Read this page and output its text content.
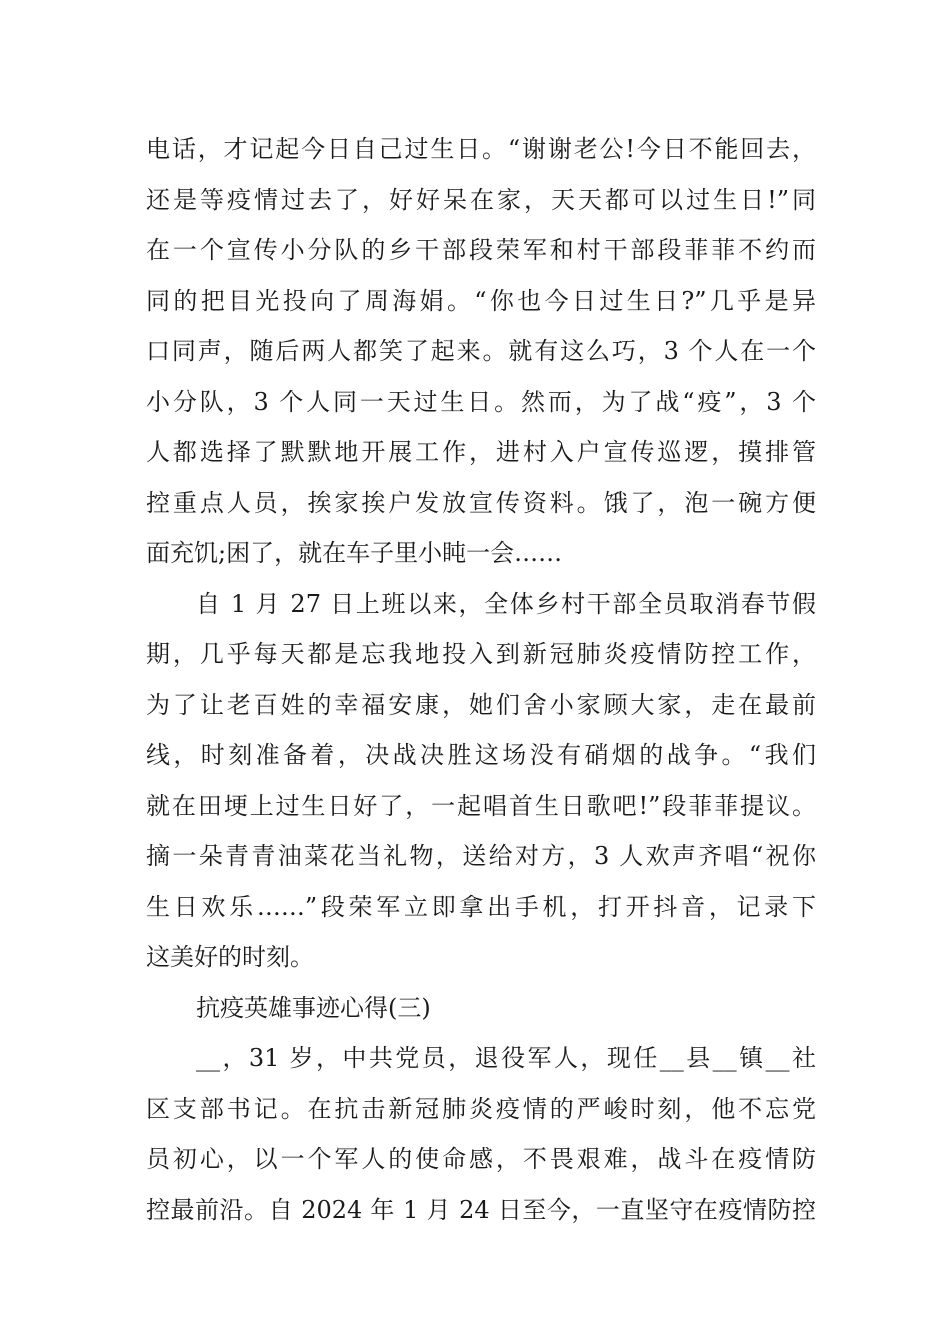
电话，才记起今日自己过生日。“谢谢老公!今日不能回去，
还是等疫情过去了，好好呆在家，天天都可以过生日!”同
在一个宣传小分队的乡干部段荣军和村干部段菲菲不约而
同的把目光投向了周海娟。“你也今日过生日?”几乎是异
口同声，随后两人都笑了起来。就有这么巧，3 个人在一个
小分队，3 个人同一天过生日。然而，为了战“疫”，3 个
人都选择了默默地开展工作，进村入户宣传巡逻，摸排管
控重点人员，挨家挨户发放宣传资料。饿了，泡一碗方便
面充饥;困了，就在车子里小盹一会……

自 1 月 27 日上班以来，全体乡村干部全员取消春节假
期，几乎每天都是忘我地投入到新冠肺炎疫情防控工作，
为了让老百姓的幸福安康，她们舍小家顾大家，走在最前
线，时刻准备着，决战决胜这场没有硝烟的战争。“我们
就在田埂上过生日好了，一起唱首生日歌吧!”段菲菲提议。
摘一朵青青油菜花当礼物，送给对方，3 人欢声齐唱“祝你
生日欢乐……”段荣军立即拿出手机，打开抖音，记录下
这美好的时刻。

抗疫英雄事迹心得(三)

__，31 岁，中共党员，退役军人，现任__县__镇__社
区支部书记。在抗击新冠肺炎疫情的严峻时刻，他不忘党
员初心，以一个军人的使命感，不畏艰难，战斗在疫情防
控最前沿。自 2024 年 1 月 24 日至今，一直坚守在疫情防控
